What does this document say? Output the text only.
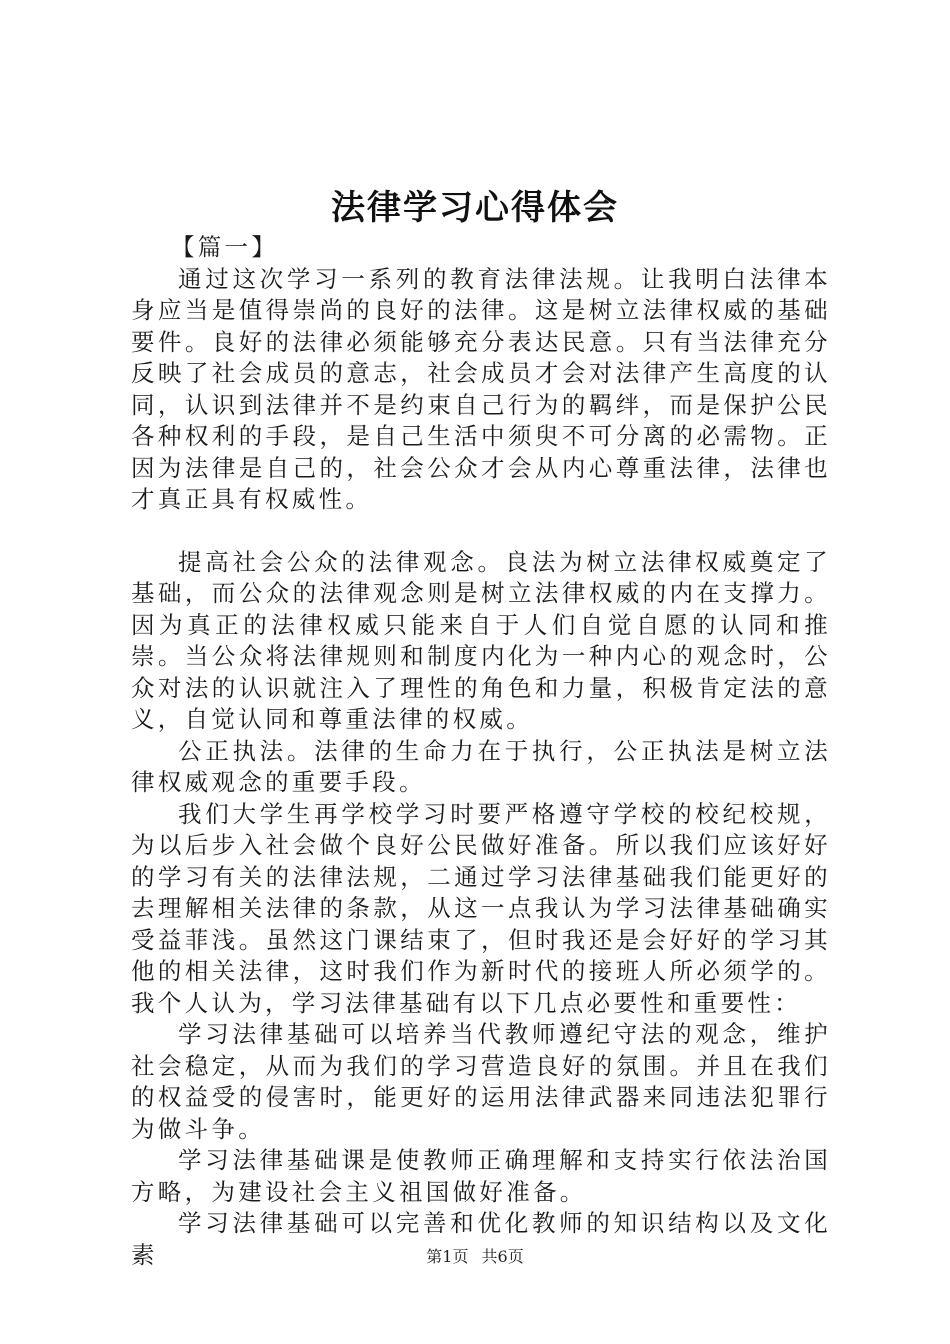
法律学习心得体会

【篇一】

通过这次学习一系列的教育法律法规。让我明白法律本身应当是值得崇尚的良好的法律。这是树立法律权威的基础要件。良好的法律必须能够充分表达民意。只有当法律充分反映了社会成员的意志，社会成员才会对法律产生高度的认同，认识到法律并不是约束自己行为的羁绊，而是保护公民各种权利的手段，是自己生活中须臾不可分离的必需物。正因为法律是自己的，社会公众才会从内心尊重法律，法律也才真正具有权威性。

提高社会公众的法律观念。良法为树立法律权威奠定了基础，而公众的法律观念则是树立法律权威的内在支撑力。因为真正的法律权威只能来自于人们自觉自愿的认同和推崇。当公众将法律规则和制度内化为一种内心的观念时，公众对法的认识就注入了理性的角色和力量，积极肯定法的意义，自觉认同和尊重法律的权威。

公正执法。法律的生命力在于执行，公正执法是树立法律权威观念的重要手段。

我们大学生再学校学习时要严格遵守学校的校纪校规，为以后步入社会做个良好公民做好准备。所以我们应该好好的学习有关的法律法规，二通过学习法律基础我们能更好的去理解相关法律的条款，从这一点我认为学习法律基础确实受益菲浅。虽然这门课结束了，但时我还是会好好的学习其他的相关法律，这时我们作为新时代的接班人所必须学的。我个人认为，学习法律基础有以下几点必要性和重要性：

学习法律基础可以培养当代教师遵纪守法的观念，维护社会稳定，从而为我们的学习营造良好的氛围。并且在我们的权益受的侵害时，能更好的运用法律武器来同违法犯罪行为做斗争。

学习法律基础课是使教师正确理解和支持实行依法治国方略，为建设社会主义祖国做好准备。

学习法律基础可以完善和优化教师的知识结构以及文化素	第1页 共6页
